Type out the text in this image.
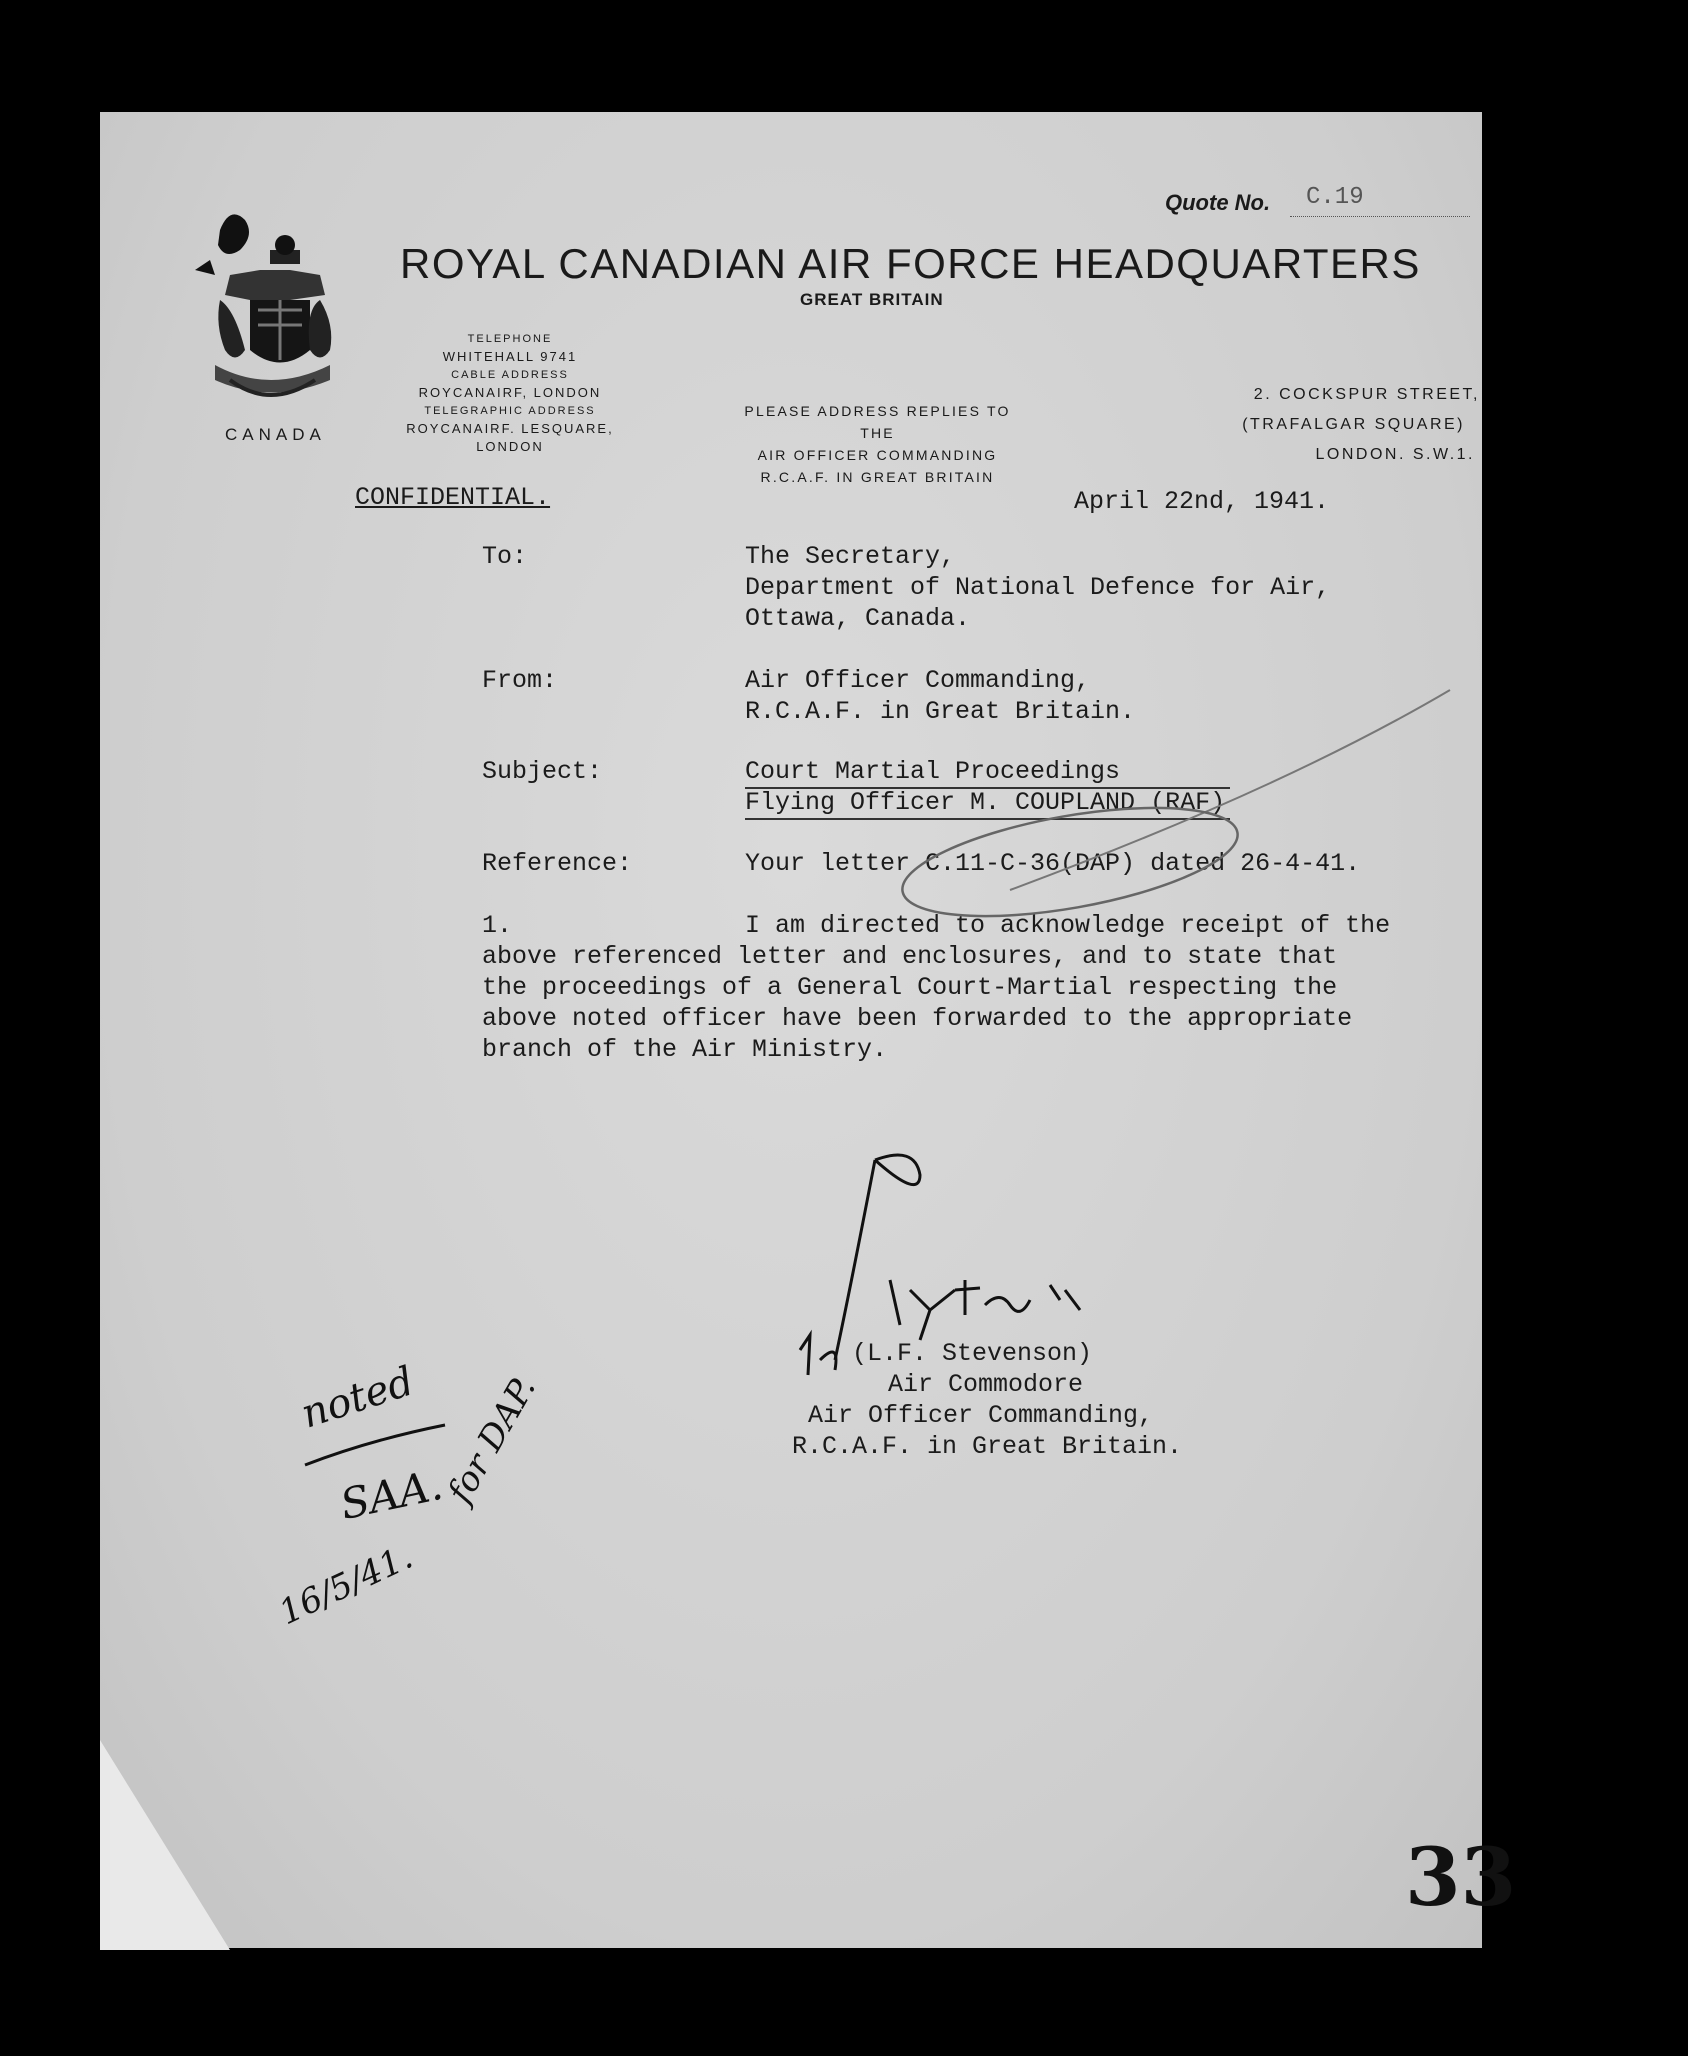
CANADA
Quote No. C.19
ROYAL CANADIAN AIR FORCE HEADQUARTERS
GREAT BRITAIN
TELEPHONE
WHITEHALL 9741
CABLE ADDRESS
ROYCANAIRF, LONDON
TELEGRAPHIC ADDRESS
ROYCANAIRF. LESQUARE,
LONDON
PLEASE ADDRESS REPLIES TO THE
AIR OFFICER COMMANDING
R.C.A.F. IN GREAT BRITAIN
2. COCKSPUR STREET,
(TRAFALGAR SQUARE)
LONDON. S.W.1.
CONFIDENTIAL.	April 22nd, 1941.
To:	The Secretary,
Department of National Defence for Air,
Ottawa, Canada.
From:	Air Officer Commanding,
R.C.A.F. in Great Britain.
Subject:	Court Martial Proceedings
Flying Officer M. COUPLAND (RAF)
Reference:	Your letter C.11-C-36(DAP) dated 26-4-41.
1.	I am directed to acknowledge receipt of the
above referenced letter and enclosures, and to state that
the proceedings of a General Court-Martial respecting the
above noted officer have been forwarded to the appropriate
branch of the Air Ministry.
(L.F. Stevenson)
Air Commodore
Air Officer Commanding,
R.C.A.F. in Great Britain.
noted
SAA.
16/5/41.
for DAP.
33
